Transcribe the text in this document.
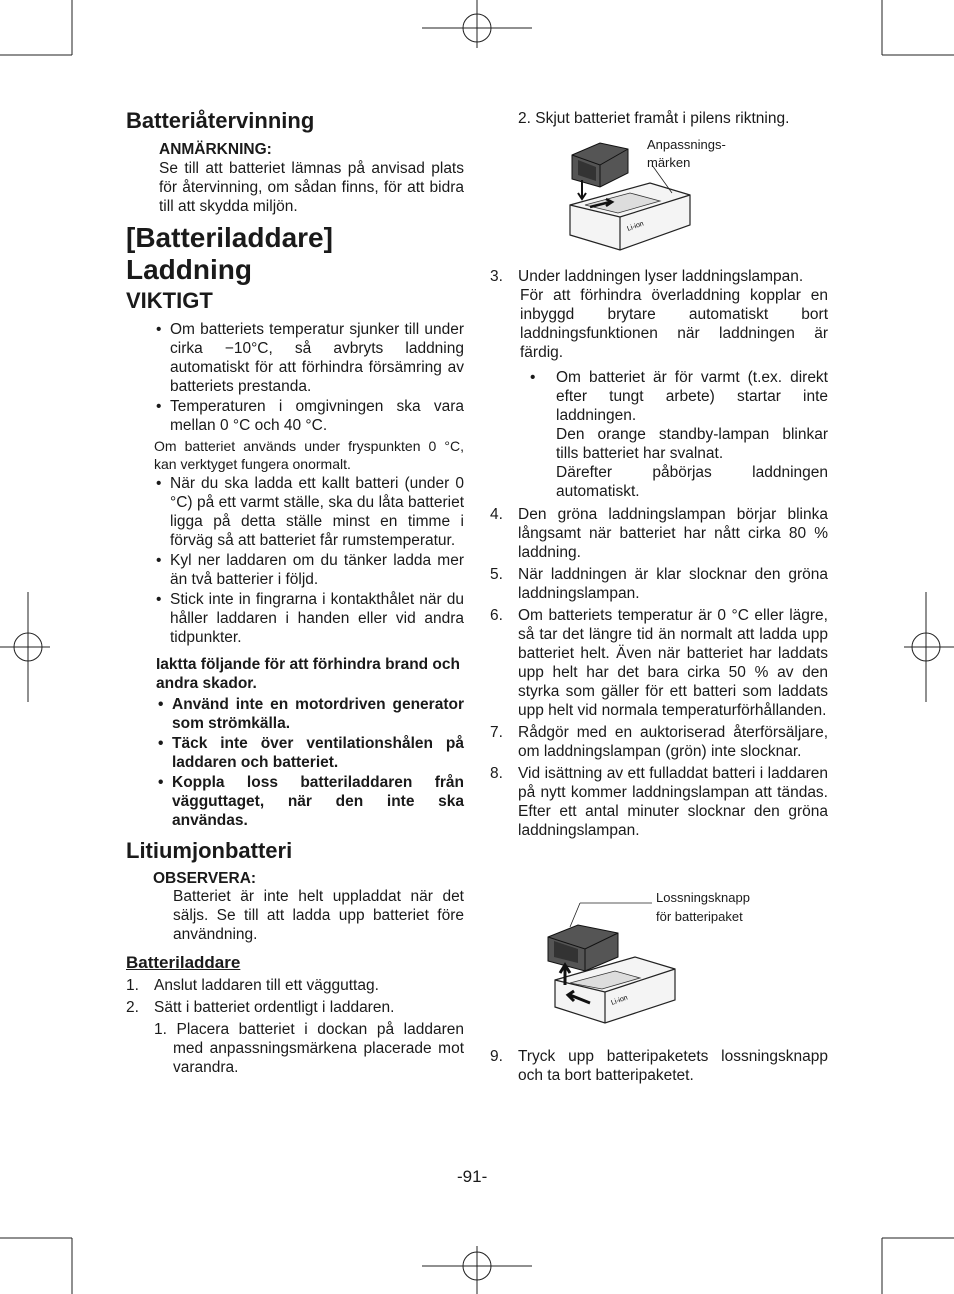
Batteriåtervinning
ANMÄRKNING:
Se till att batteriet lämnas på anvisad plats för återvinning, om sådan finns, för att bidra till att skydda miljön.
[Batteriladdare]
Laddning
VIKTIGT
• Om batteriets temperatur sjunker till under cirka −10°C, så avbryts laddning automatiskt för att förhindra försämring av batteriets prestanda.
• Temperaturen i omgivningen ska vara mellan 0 °C och 40 °C.
Om batteriet används under fryspunkten 0 °C, kan verktyget fungera onormalt.
• När du ska ladda ett kallt batteri (under 0 °C) på ett varmt ställe, ska du låta batteriet ligga på detta ställe minst en timme i förväg så att batteriet får rumstemperatur.
• Kyl ner laddaren om du tänker ladda mer än två batterier i följd.
• Stick inte in fingrarna i kontakthålet när du håller laddaren i handen eller vid andra tidpunkter.
Iaktta följande för att förhindra brand och andra skador.
• Använd inte en motordriven generator som strömkälla.
• Täck inte över ventilationshålen på laddaren och batteriet.
• Koppla loss batteriladdaren från vägguttaget, när den inte ska användas.
Litiumjonbatteri
OBSERVERA:
Batteriet är inte helt uppladdat när det säljs. Se till att ladda upp batteriet före användning.
Batteriladdare
1. Anslut laddaren till ett vägguttag.
2. Sätt i batteriet ordentligt i laddaren.
1. Placera batteriet i dockan på laddaren med anpassningsmärkena placerade mot varandra.
2. Skjut batteriet framåt i pilens riktning.
Li-ion
Anpassnings-
märken
3. Under laddningen lyser laddningslampan.
För att förhindra överladdning kopplar en inbyggd brytare automatiskt bort laddningsfunktionen när laddningen är färdig.
• Om batteriet är för varmt (t.ex. direkt efter tungt arbete) startar inte laddningen.
Den orange standby-lampan blinkar tills batteriet har svalnat.
Därefter påbörjas laddningen automatiskt.
4. Den gröna laddningslampan börjar blinka långsamt när batteriet har nått cirka 80 % laddning.
5. När laddningen är klar slocknar den gröna laddningslampan.
6. Om batteriets temperatur är 0 °C eller lägre, så tar det längre tid än normalt att ladda upp batteriet helt. Även när batteriet har laddats upp helt har det bara cirka 50 % av den styrka som gäller för ett batteri som laddats upp helt vid normala temperaturförhållanden.
7. Rådgör med en auktoriserad återförsäljare, om laddningslampan (grön) inte slocknar.
8. Vid isättning av ett fulladdat batteri i laddaren på nytt kommer laddningslampan att tändas. Efter ett antal minuter slocknar den gröna laddningslampan.
Li-ion
Lossningsknapp
för batteripaket
9. Tryck upp batteripaketets lossningsknapp och ta bort batteripaketet.
-91-
